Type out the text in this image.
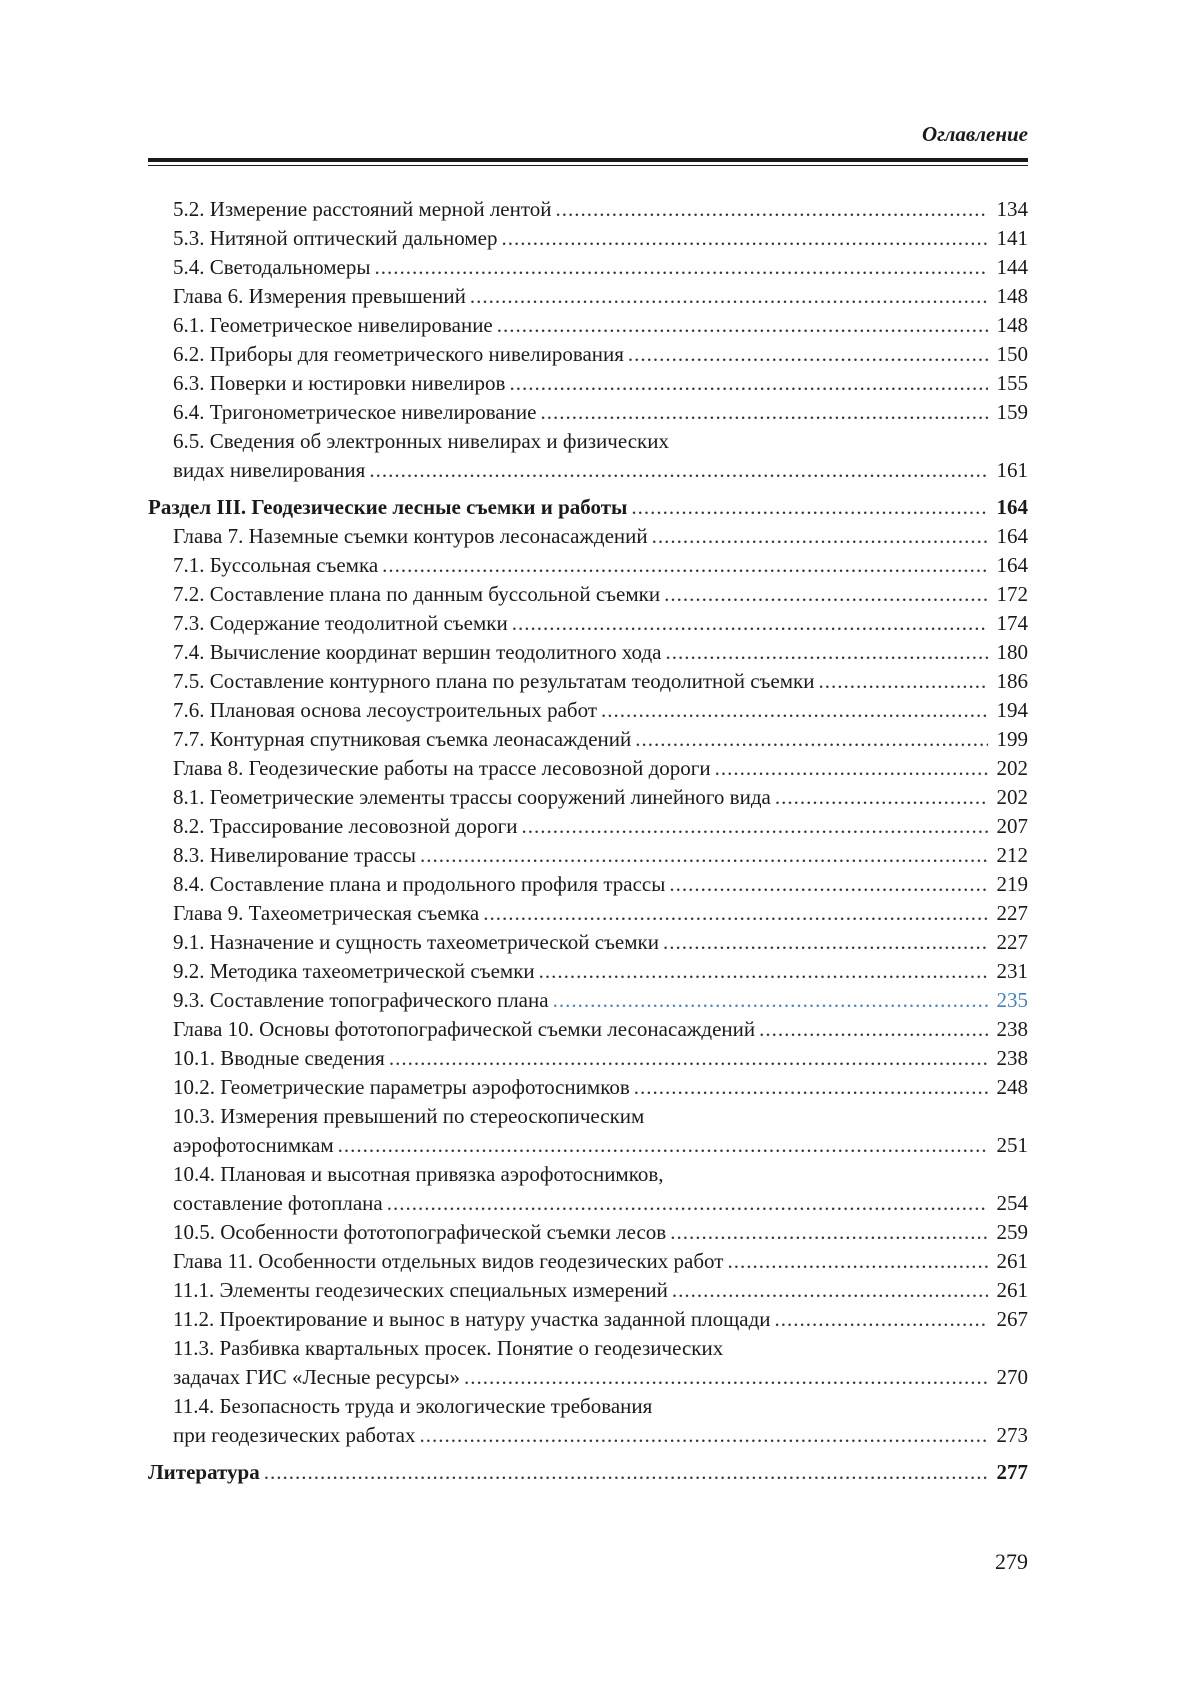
Оглавление
5.2. Измерение расстояний мерной лентой .....	134
5.3. Нитяной оптический дальномер .....	141
5.4. Светодальномеры .....	144
Глава 6. Измерения превышений .....	148
6.1. Геометрическое нивелирование .....	148
6.2. Приборы для геометрического нивелирования .....	150
6.3. Поверки и юстировки нивелиров .....	155
6.4. Тригонометрическое нивелирование .....	159
6.5. Сведения об электронных нивелирах и физических
видах нивелирования .....	161
Раздел III. Геодезические лесные съемки и работы .....	164
Глава 7. Наземные съемки контуров лесонасаждений .....	164
7.1. Буссольная съемка .....	164
7.2. Составление плана по данным буссольной съемки .....	172
7.3. Содержание теодолитной съемки .....	174
7.4. Вычисление координат вершин теодолитного хода .....	180
7.5. Составление контурного плана по результатам теодолитной съемки .....	186
7.6. Плановая основа лесоустроительных работ .....	194
7.7. Контурная спутниковая съемка леонасаждений .....	199
Глава 8. Геодезические работы на трассе лесовозной дороги .....	202
8.1. Геометрические элементы трассы сооружений линейного вида .....	202
8.2. Трассирование лесовозной дороги .....	207
8.3. Нивелирование трассы .....	212
8.4. Составление плана и продольного профиля трассы .....	219
Глава 9. Тахеометрическая съемка .....	227
9.1. Назначение и сущность тахеометрической съемки .....	227
9.2. Методика тахеометрической съемки .....	231
9.3. Составление топографического плана .....	235
Глава 10. Основы фототопографической съемки лесонасаждений .....	238
10.1. Вводные сведения .....	238
10.2. Геометрические параметры аэрофотоснимков .....	248
10.3. Измерения превышений по стереоскопическим
аэрофотоснимкам .....	251
10.4. Плановая и высотная привязка аэрофотоснимков,
составление фотоплана .....	254
10.5. Особенности фототопографической съемки лесов .....	259
Глава 11. Особенности отдельных видов геодезических работ .....	261
11.1. Элементы геодезических специальных измерений .....	261
11.2. Проектирование и вынос в натуру участка заданной площади .....	267
11.3. Разбивка квартальных просек. Понятие о геодезических
задачах ГИС «Лесные ресурсы» .....	270
11.4. Безопасность труда и экологические требования
при геодезических работах .....	273
Литература .....	277
279
